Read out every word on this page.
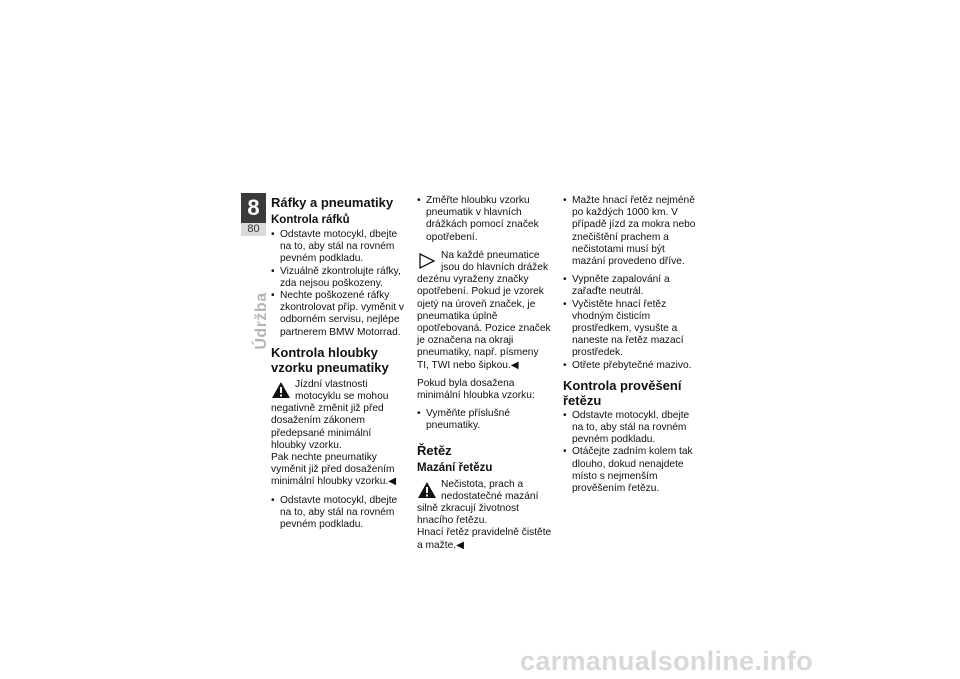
8
80
Údržba
Ráfky a pneumatiky
Kontrola ráfků
• Odstavte motocykl, dbejte na to, aby stál na rovném pevném podkladu.
• Vizuálně zkontrolujte ráfky, zda nejsou poškozeny.
• Nechte poškozené ráfky zkontrolovat příp. vyměnit v odborném servisu, nejlépe partnerem BMW Motorrad.
Kontrola hloubky vzorku pneumatiky
Jízdní vlastnosti motocyklu se mohou negativně změnit již před dosažením zákonem předepsané minimální hloubky vzorku.
Pak nechte pneumatiky vyměnit již před dosažením minimální hloubky vzorku.◀
• Odstavte motocykl, dbejte na to, aby stál na rovném pevném podkladu.
• Změřte hloubku vzorku pneumatik v hlavních drážkách pomocí značek opotřebení.
Na každé pneumatice jsou do hlavních drážek dezénu vyraženy značky opotřebení. Pokud je vzorek ojetý na úroveň značek, je pneumatika úplně opotřebovaná. Pozice značek je označena na okraji pneumatiky, např. písmeny TI, TWI nebo šipkou.◀

Pokud byla dosažena minimální hloubka vzorku:

• Vyměňte příslušné pneumatiky.
Řetěz
Mazání řetězu
Nečistota, prach a nedostatečné mazání silně zkracují životnost hnacího řetězu.
Hnací řetěz pravidelně čistěte a mažte.◀
• Mažte hnací řetěz nejméně po každých 1000 km. V případě jízd za mokra nebo znečištění prachem a nečistotami musí být mazání provedeno dříve.
• Vypněte zapalování a zařaďte neutrál.
• Vyčistěte hnací řetěz vhodným čisticím prostředkem, vysušte a naneste na řetěz mazací prostředek.
• Otřete přebytečné mazivo.
Kontrola prověšení řetězu
• Odstavte motocykl, dbejte na to, aby stál na rovném pevném podkladu.
• Otáčejte zadním kolem tak dlouho, dokud nenajdete místo s nejmenším prověšením řetězu.
carmanualsonline.info
